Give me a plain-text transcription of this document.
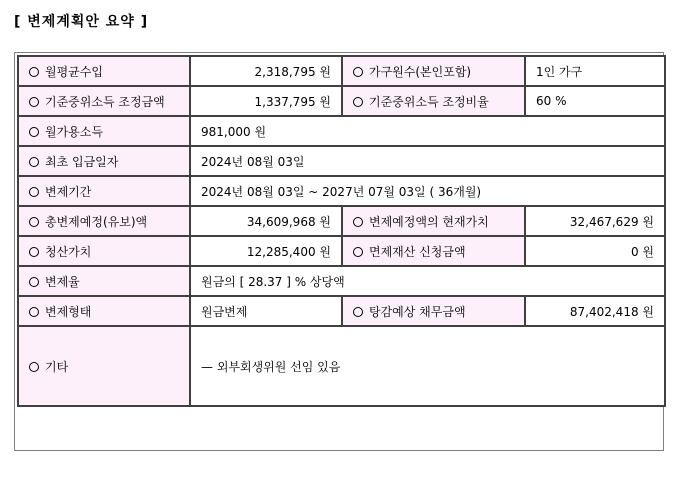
[ 변제계획안 요약 ]
월평균수입	2,318,795 원	가구원수(본인포함)	1인 가구
기준중위소득 조정금액	1,337,795 원	기준중위소득 조정비율	60 %
월가용소득	981,000 원		
최초 입금일자	2024년 08월 03일		
변제기간	2024년 08월 03일 ~ 2027년 07월 03일 ( 36개월)		
총변제예정(유보)액	34,609,968 원	변제예정액의 현재가치	32,467,629 원
청산가치	12,285,400 원	면제재산 신청금액	0 원
변제율	원금의 [ 28.37 ] % 상당액		
변제형태	원금변제	탕감예상 채무금액	87,402,418 원
기타	— 외부회생위원 선임 있음		
